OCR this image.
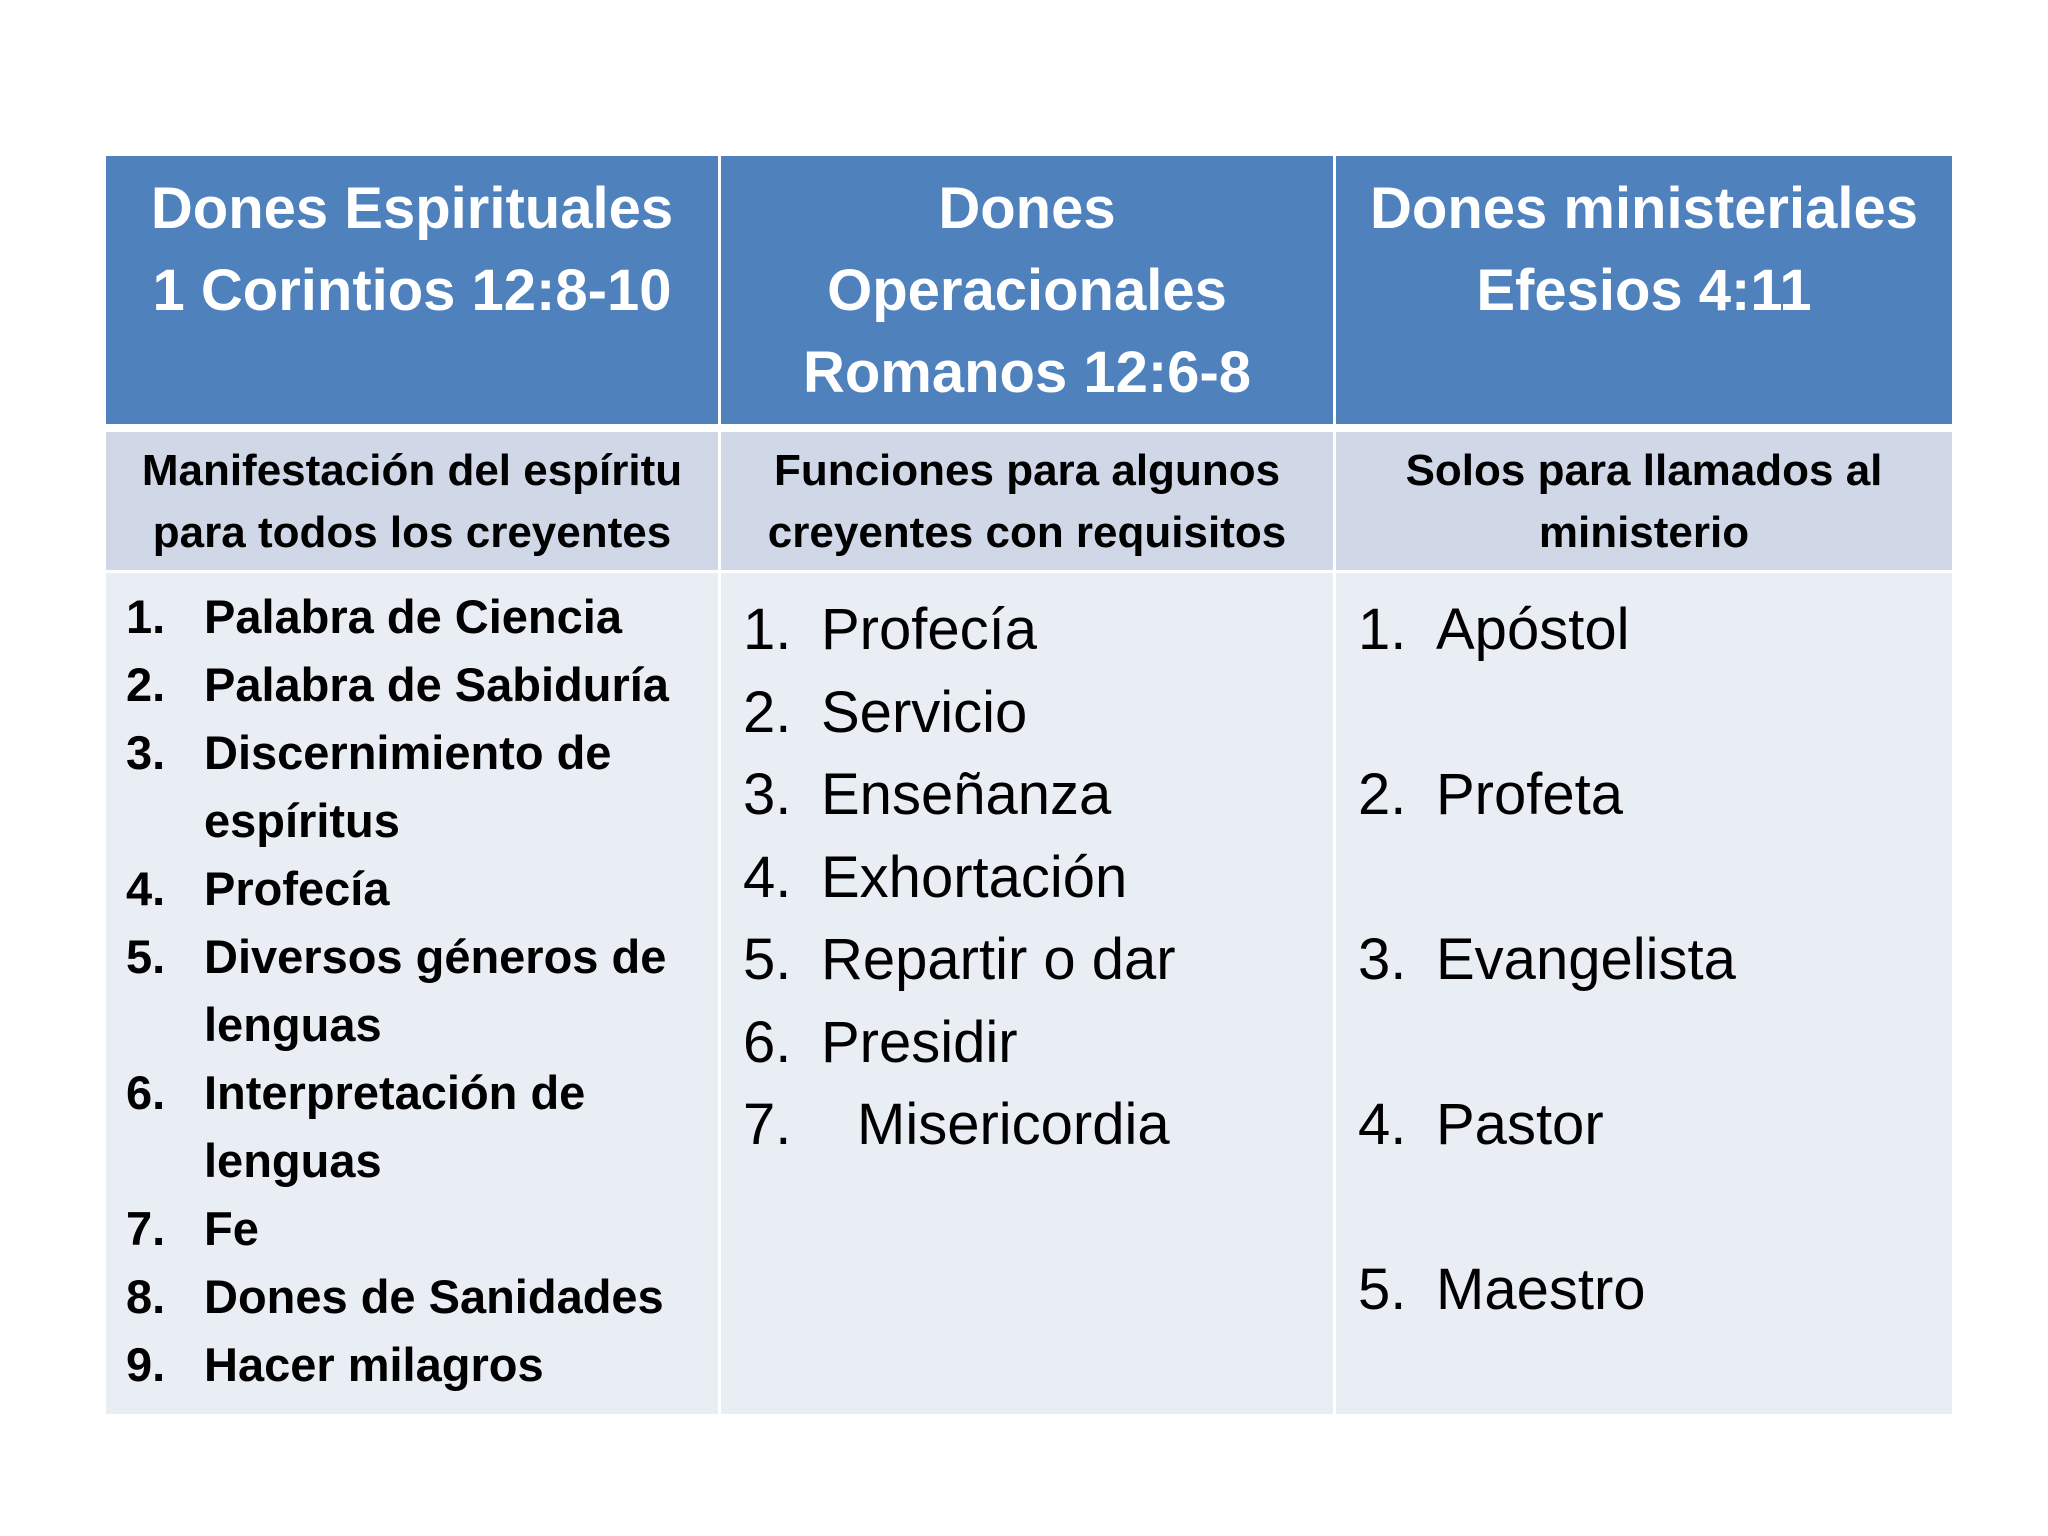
Dones Espirituales
1 Corintios 12:8-10
Dones
Operacionales
Romanos 12:6-8
Dones ministeriales
Efesios 4:11
Manifestación del espíritu
para todos los creyentes
Funciones para algunos
creyentes con requisitos
Solos para llamados al
ministerio
1. Palabra de Ciencia
2. Palabra de Sabiduría
3. Discernimiento de
espíritus
4. Profecía
5. Diversos géneros de
lenguas
6. Interpretación de
lenguas
7. Fe
8. Dones de Sanidades
9. Hacer milagros
1. Profecía
2. Servicio
3. Enseñanza
4. Exhortación
5. Repartir o dar
6. Presidir
7.	Misericordia
1. Apóstol
2. Profeta
3. Evangelista
4. Pastor
5. Maestro
